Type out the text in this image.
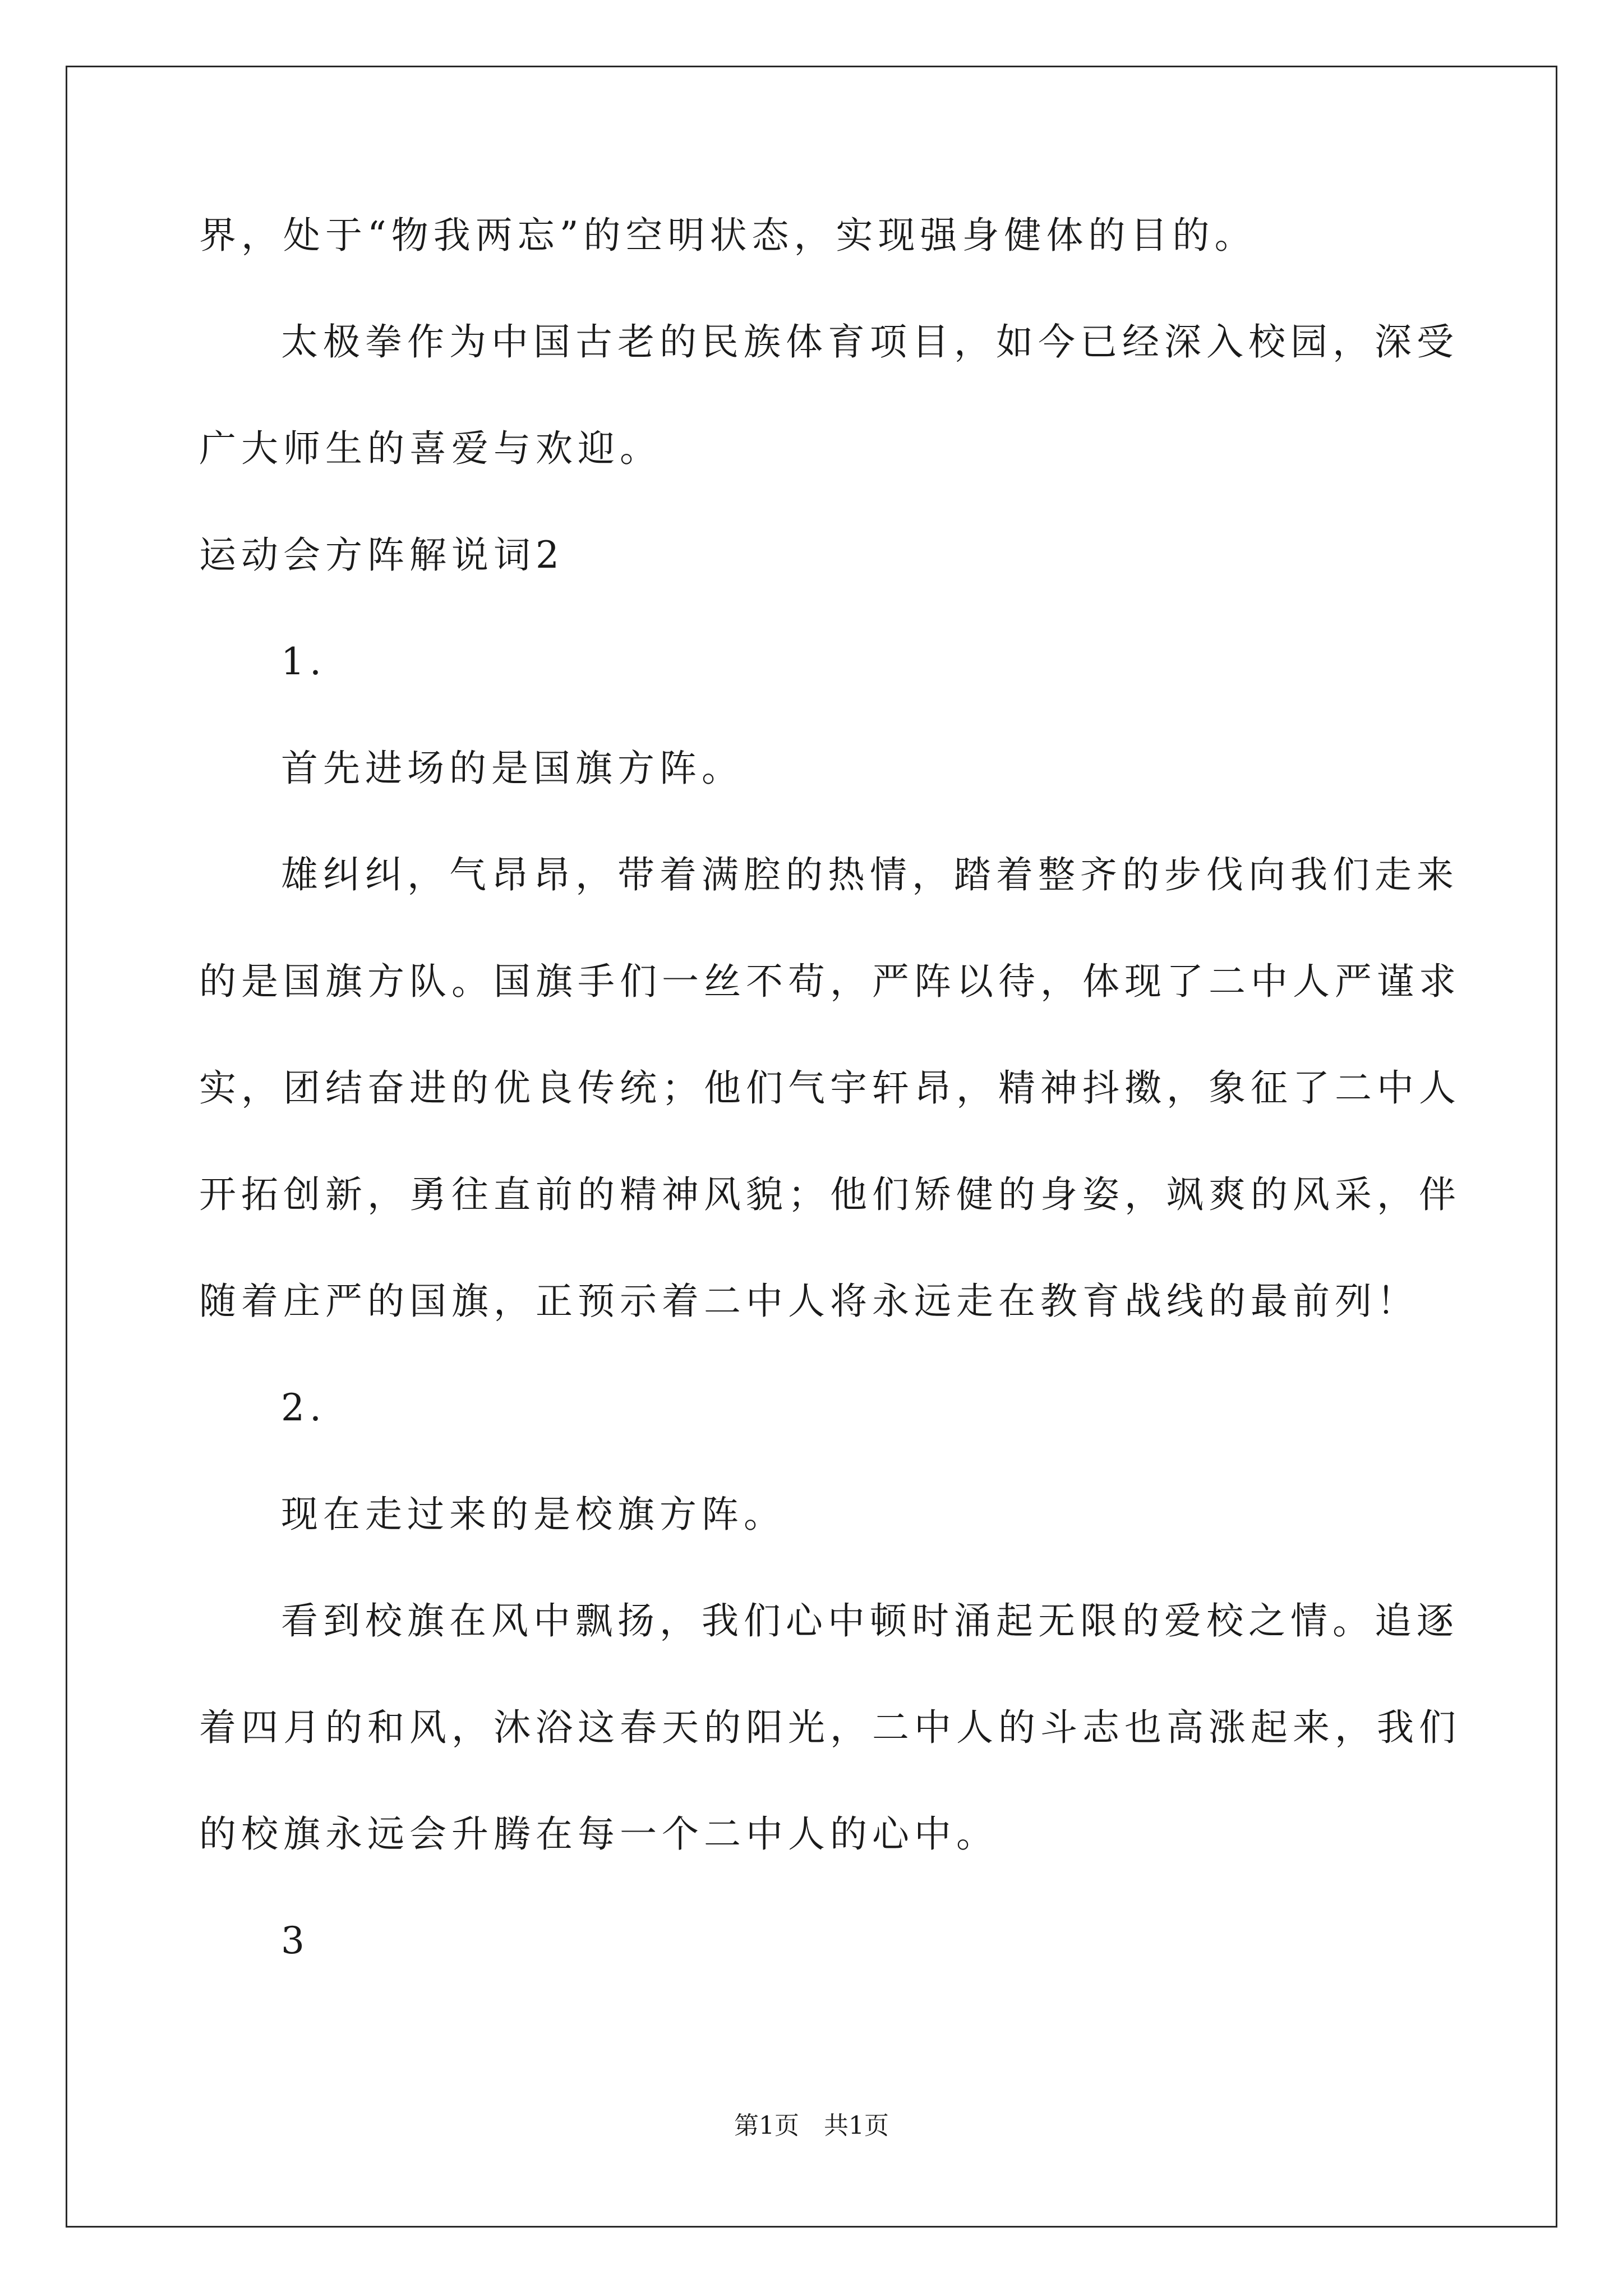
界，处于“物我两忘”的空明状态，实现强身健体的目的。
太极拳作为中国古老的民族体育项目，如今已经深入校园，深受
广大师生的喜爱与欢迎。
运动会方阵解说词2
1.
首先进场的是国旗方阵。
雄纠纠，气昂昂，带着满腔的热情，踏着整齐的步伐向我们走来
的是国旗方队。国旗手们一丝不苟，严阵以待，体现了二中人严谨求
实，团结奋进的优良传统；他们气宇轩昂，精神抖擞，象征了二中人
开拓创新，勇往直前的精神风貌；他们矫健的身姿，飒爽的风采，伴
随着庄严的国旗，正预示着二中人将永远走在教育战线的最前列！
2.
现在走过来的是校旗方阵。
看到校旗在风中飘扬，我们心中顿时涌起无限的爱校之情。追逐
着四月的和风，沐浴这春天的阳光，二中人的斗志也高涨起来，我们
的校旗永远会升腾在每一个二中人的心中。
3
第1页　共1页
